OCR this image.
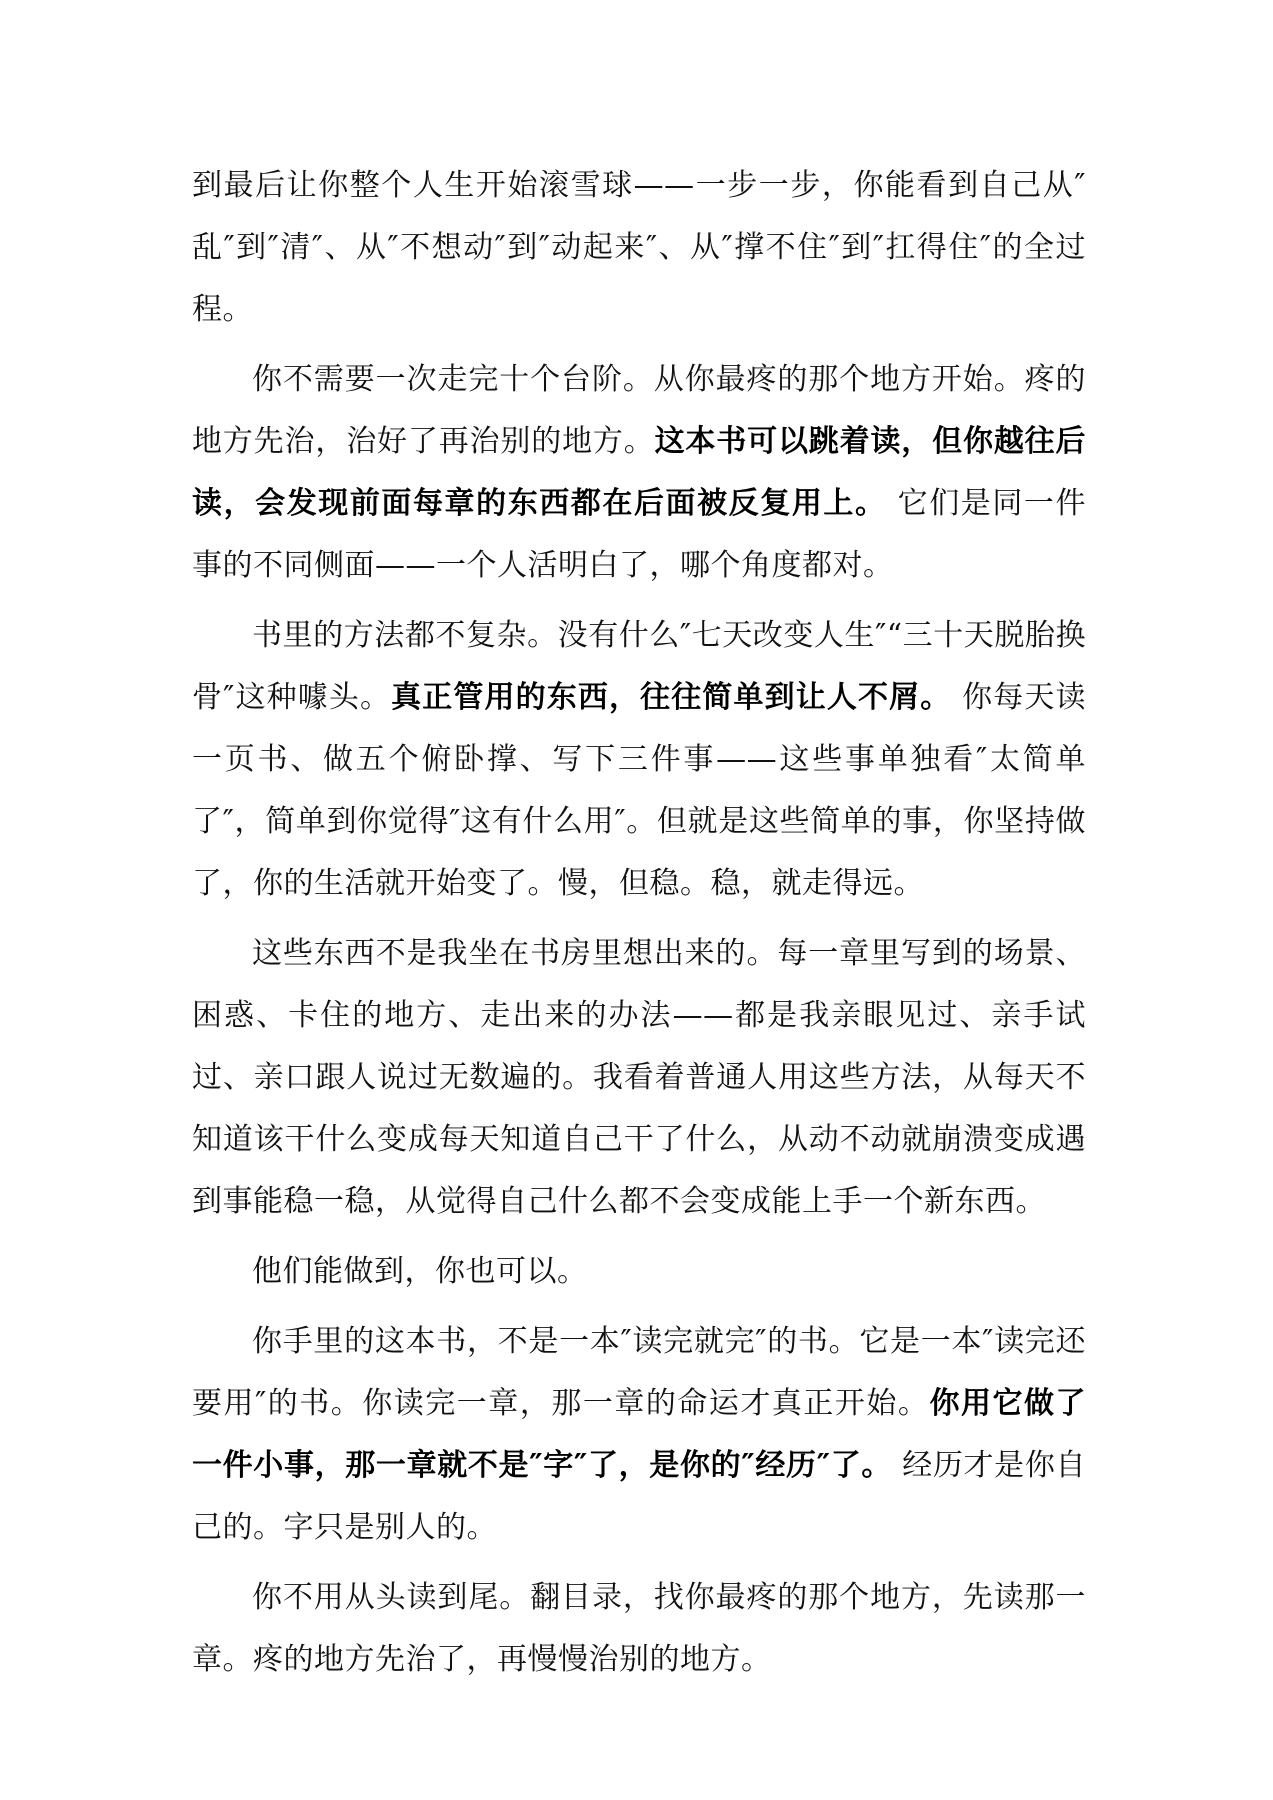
到最后让你整个人生开始滚雪球——一步一步，你能看到自己从″乱″到″清″、从″不想动″到″动起来″、从″撑不住″到″扛得住″的全过程。

你不需要一次走完十个台阶。从你最疼的那个地方开始。疼的地方先治，治好了再治别的地方。这本书可以跳着读，但你越往后读，会发现前面每章的东西都在后面被反复用上。 它们是同一件事的不同侧面——一个人活明白了，哪个角度都对。

书里的方法都不复杂。没有什么″七天改变人生″“三十天脱胎换骨″这种噱头。真正管用的东西，往往简单到让人不屑。 你每天读一页书、做五个俯卧撑、写下三件事——这些事单独看″太简单了″，简单到你觉得″这有什么用″。但就是这些简单的事，你坚持做了，你的生活就开始变了。慢，但稳。稳，就走得远。

这些东西不是我坐在书房里想出来的。每一章里写到的场景、困惑、卡住的地方、走出来的办法——都是我亲眼见过、亲手试过、亲口跟人说过无数遍的。我看着普通人用这些方法，从每天不知道该干什么变成每天知道自己干了什么，从动不动就崩溃变成遇到事能稳一稳，从觉得自己什么都不会变成能上手一个新东西。

他们能做到，你也可以。

你手里的这本书，不是一本″读完就完″的书。它是一本″读完还要用″的书。你读完一章，那一章的命运才真正开始。你用它做了一件小事，那一章就不是″字″了，是你的″经历″了。 经历才是你自己的。字只是别人的。

你不用从头读到尾。翻目录，找你最疼的那个地方，先读那一章。疼的地方先治了，再慢慢治别的地方。
